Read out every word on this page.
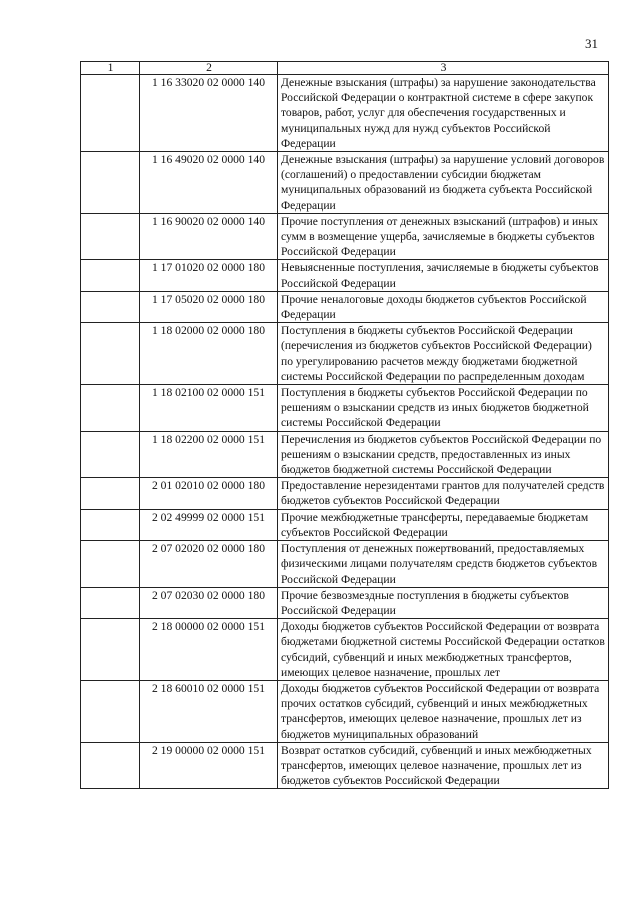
31
1	2	3
	1 16 33020 02 0000 140	Денежные взыскания (штрафы) за нарушение законодательства Российской Федерации о контрактной системе в сфере закупок товаров, работ, услуг для обеспечения государственных и муниципальных нужд для нужд субъектов Российской Федерации
	1 16 49020 02 0000 140	Денежные взыскания (штрафы) за нарушение условий договоров (соглашений) о предоставлении субсидии бюджетам муниципальных образований из бюджета субъекта Российской Федерации
	1 16 90020 02 0000 140	Прочие поступления от денежных взысканий (штрафов) и иных сумм в возмещение ущерба, зачисляемые в бюджеты субъектов Российской Федерации
	1 17 01020 02 0000 180	Невыясненные поступления, зачисляемые в бюджеты субъектов Российской Федерации
	1 17 05020 02 0000 180	Прочие неналоговые доходы бюджетов субъектов Российской Федерации
	1 18 02000 02 0000 180	Поступления в бюджеты субъектов Российской Федерации (перечисления из бюджетов субъектов Российской Федерации) по урегулированию расчетов между бюджетами бюджетной системы Российской Федерации по распределенным доходам
	1 18 02100 02 0000 151	Поступления в бюджеты субъектов Российской Федерации по решениям о взыскании средств из иных бюджетов бюджетной системы Российской Федерации
	1 18 02200 02 0000 151	Перечисления из бюджетов субъектов Российской Федерации по решениям о взыскании средств, предоставленных из иных бюджетов бюджетной системы Российской Федерации
	2 01 02010 02 0000 180	Предоставление нерезидентами грантов для получателей средств бюджетов субъектов Российской Федерации
	2 02 49999 02 0000 151	Прочие межбюджетные трансферты, передаваемые бюджетам субъектов Российской Федерации
	2 07 02020 02 0000 180	Поступления от денежных пожертвований, предоставляемых физическими лицами получателям средств бюджетов субъектов Российской Федерации
	2 07 02030 02 0000 180	Прочие безвозмездные поступления в бюджеты субъектов Российской Федерации
	2 18 00000 02 0000 151	Доходы бюджетов субъектов Российской Федерации от возврата бюджетами бюджетной системы Российской Федерации остатков субсидий, субвенций и иных межбюджетных трансфертов, имеющих целевое назначение, прошлых лет
	2 18 60010 02 0000 151	Доходы бюджетов субъектов Российской Федерации от возврата прочих остатков субсидий, субвенций и иных межбюджетных трансфертов, имеющих целевое назначение, прошлых лет из бюджетов муниципальных образований
	2 19 00000 02 0000 151	Возврат остатков субсидий, субвенций и иных межбюджетных трансфертов, имеющих целевое назначение, прошлых лет из бюджетов субъектов Российской Федерации
